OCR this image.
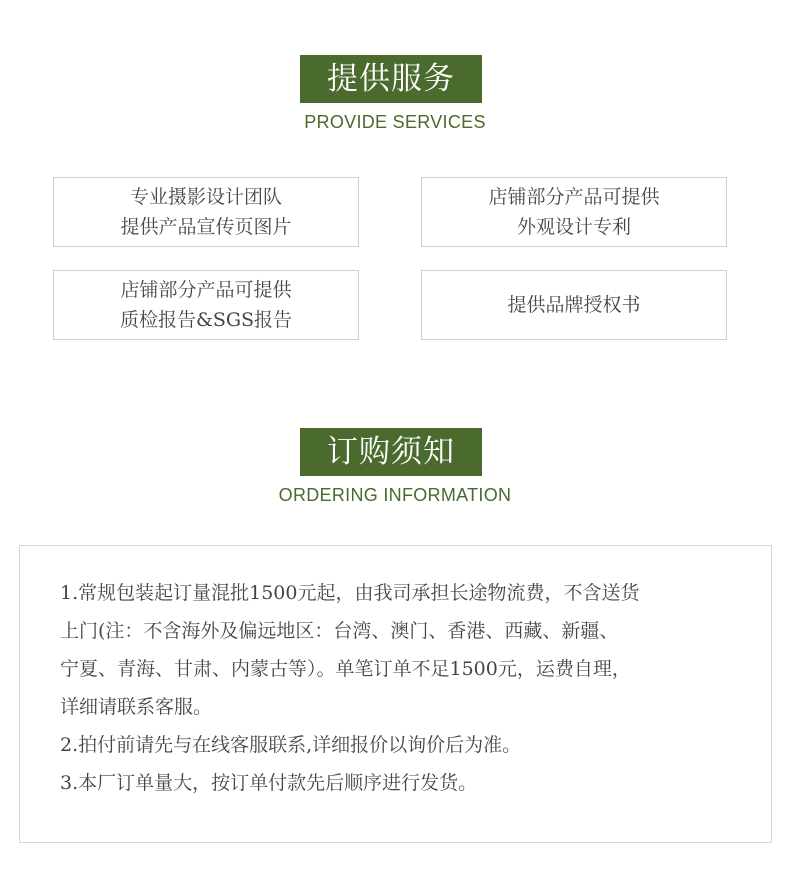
提供服务
PROVIDE SERVICES
专业摄影设计团队
提供产品宣传页图片
店铺部分产品可提供
外观设计专利
店铺部分产品可提供
质检报告&SGS报告
提供品牌授权书
订购须知
ORDERING INFORMATION

1.常规包装起订量混批1500元起，由我司承担长途物流费，不含送货

上门(注：不含海外及偏远地区：台湾、澳门、香港、西藏、新疆、

宁夏、青海、甘肃、内蒙古等）。单笔订单不足1500元，运费自理，

详细请联系客服。

2.拍付前请先与在线客服联系,详细报价以询价后为准。

3.本厂订单量大，按订单付款先后顺序进行发货。
